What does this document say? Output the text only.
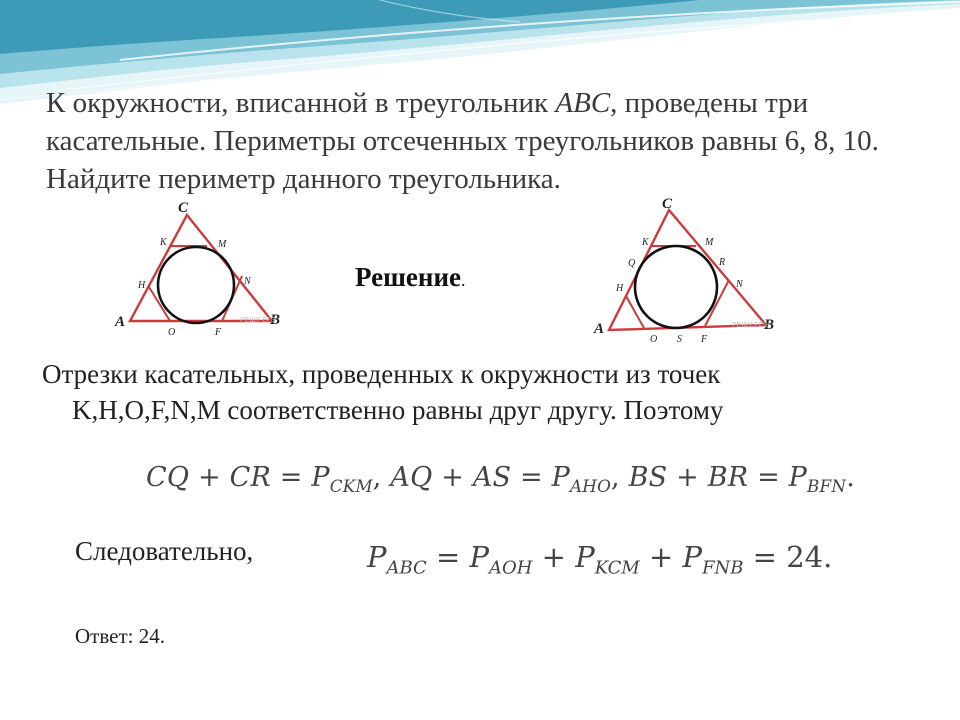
К окружности, вписанной в треугольник ABC, проведены три касательные. Периметры отсеченных треугольников равны 6, 8, 10. Найдите периметр данного треугольника.
C
A	B
K	M
H	N
O	F
РЕШУ ЕГЭ
C
A	B
K	M
Q	R
H	N
O S F
РЕШУ ЕГЭ
Решение.
Отрезки касательных, проведенных к окружности из точек
K,H,O,F,N,M соответственно равны друг другу. Поэтому
CQ + CR = $P_{CKM}$, AQ + AS = $P_{AHO}$, BS + BR = $P_{BFN}$.
Следовательно,	$P_{ABC} = P_{AOH} + P_{KCM} + P_{FNB} = 24$.
Ответ: 24.
